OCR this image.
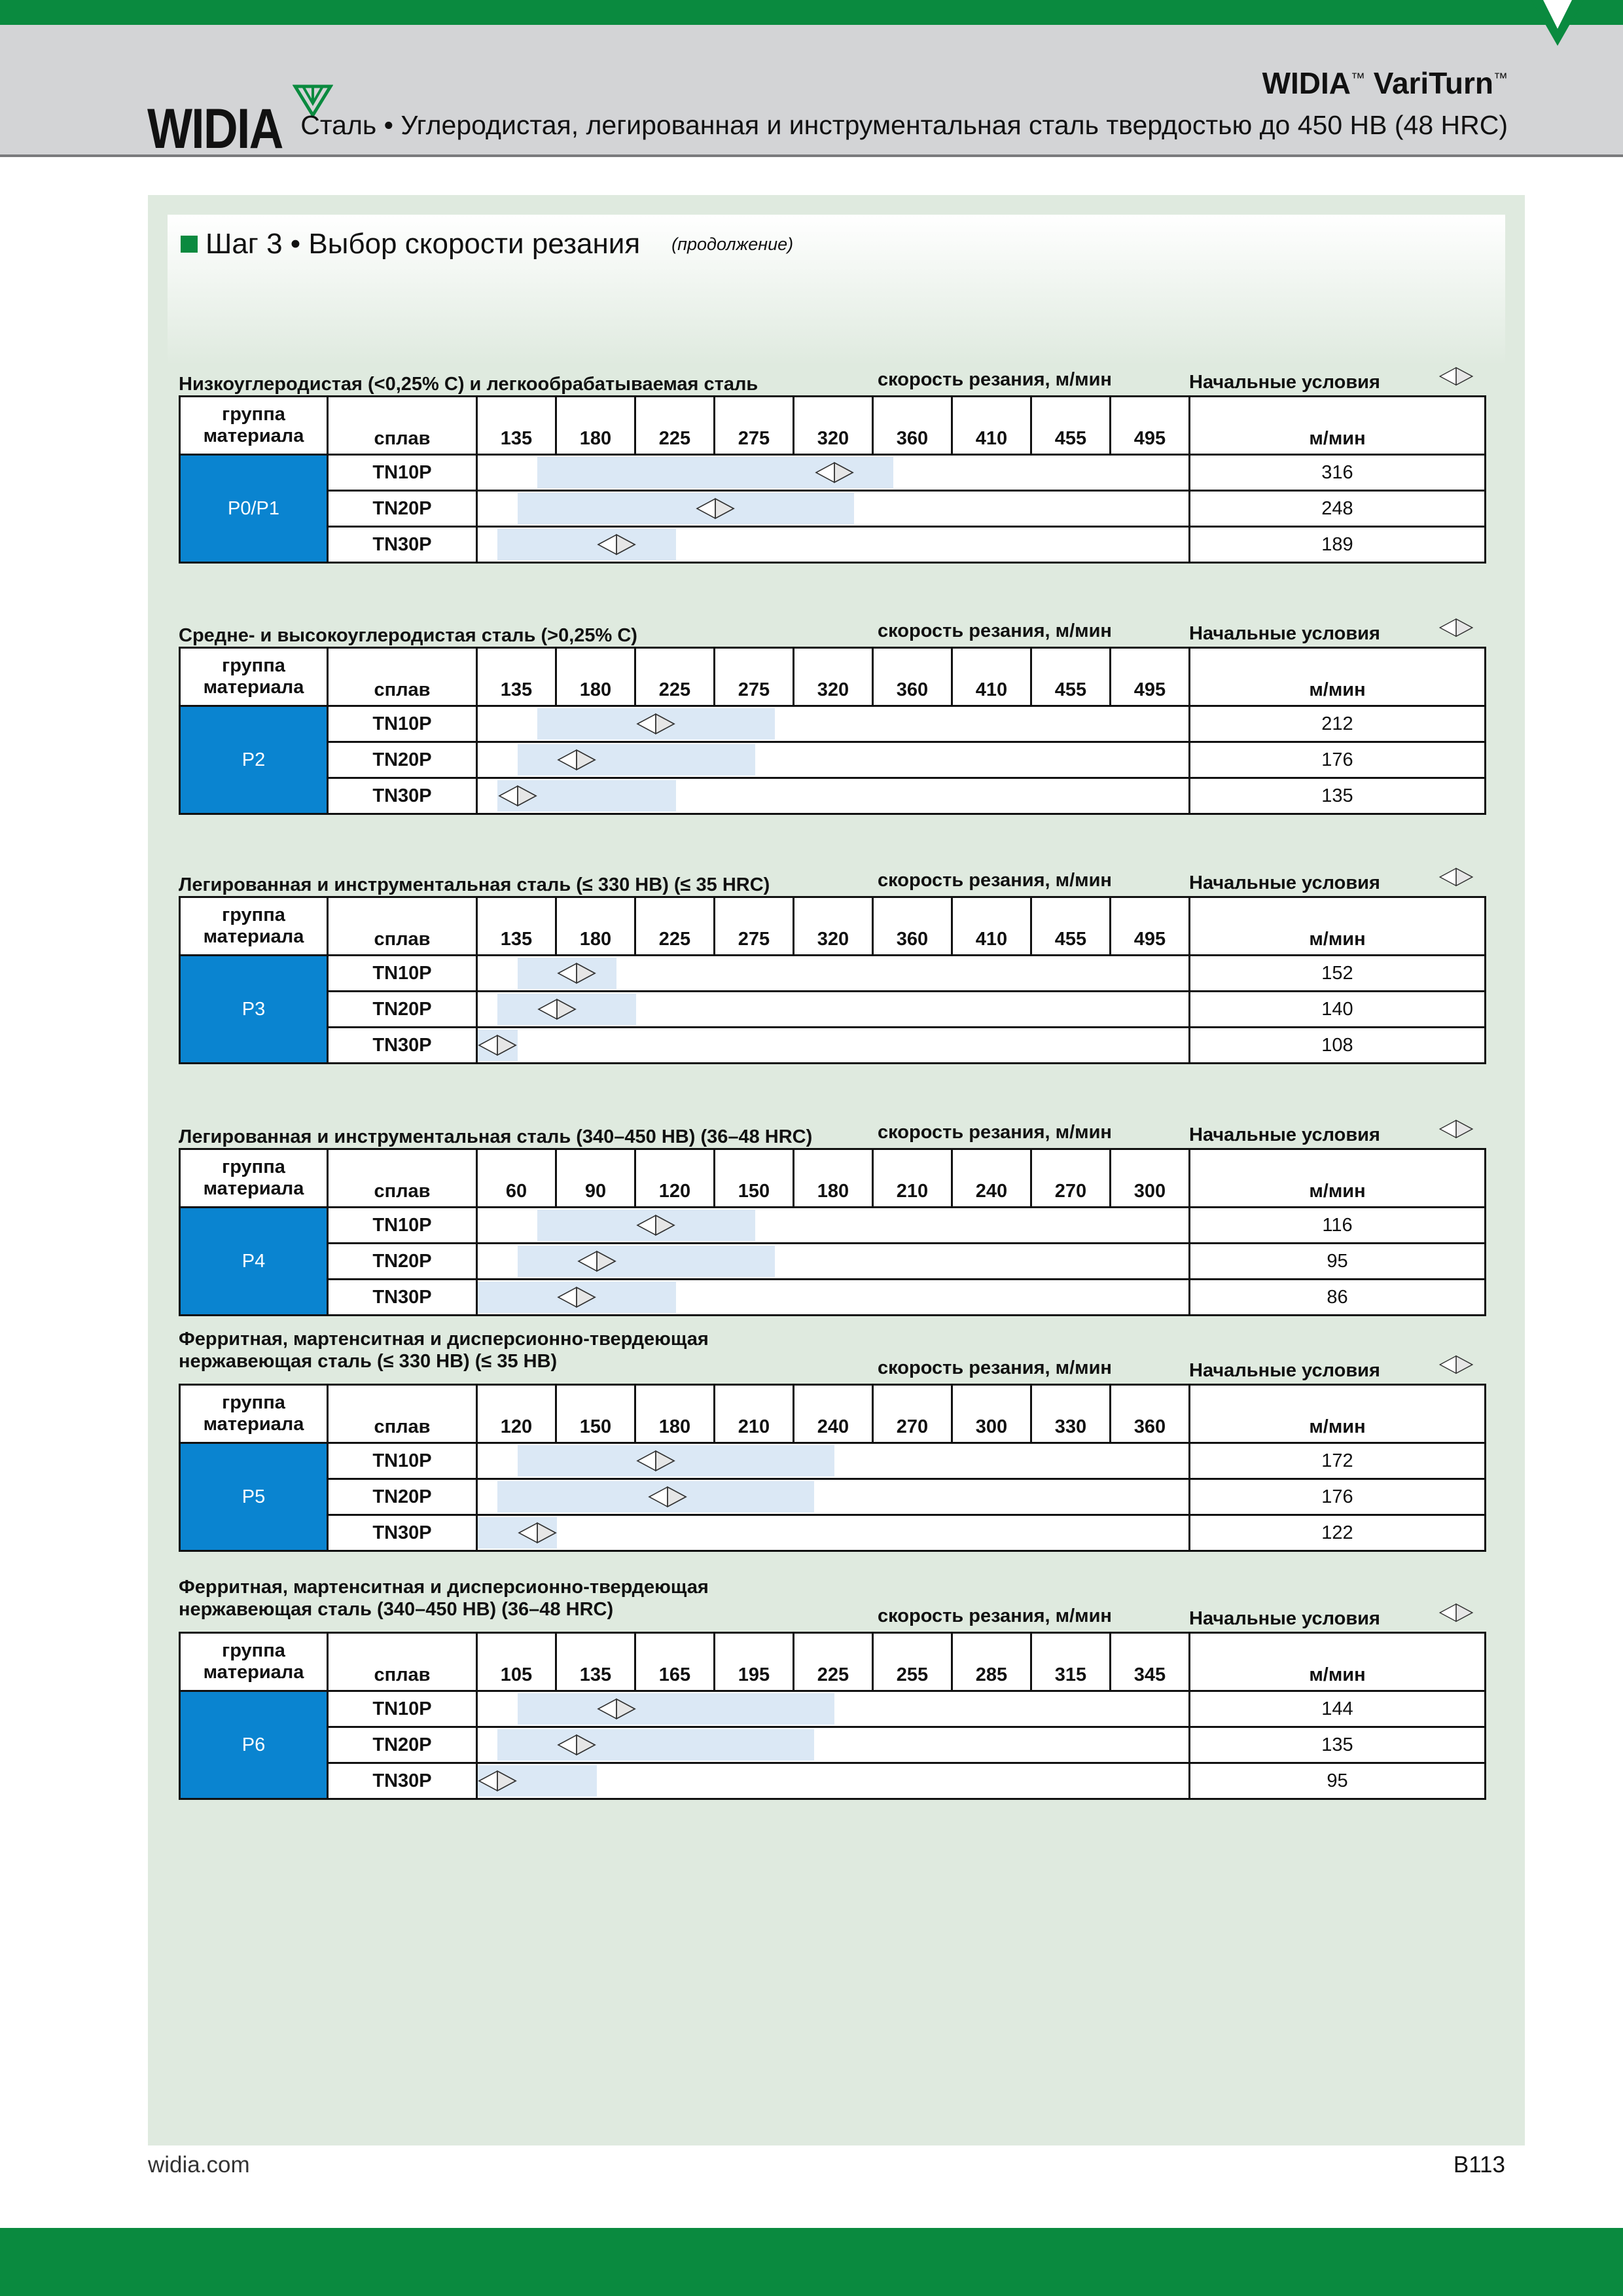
WIDIA
WIDIA™ VariTurn™
Сталь • Углеродистая, легированная и инструментальная сталь твердостью до 450 HB (48 HRC)
Шаг 3 • Выбор скорости резания (продолжение)
Низкоуглеродистая (<0,25% С) и легкообрабатываемая сталь	скорость резания, м/мин	Начальные условия
группа
материала	сплав	135	180	225	275	320	360	410	455	495	м/мин
P0/P1	TN10P										316
	TN20P										248
	TN30P										189
Средне- и высокоуглеродистая сталь (>0,25% С)	скорость резания, м/мин	Начальные условия
группа
материала	сплав	135	180	225	275	320	360	410	455	495	м/мин
P2	TN10P										212
	TN20P										176
	TN30P										135
Легированная и инструментальная сталь (≤ 330 HB) (≤ 35 HRC)	скорость резания, м/мин	Начальные условия
группа
материала	сплав	135	180	225	275	320	360	410	455	495	м/мин
P3	TN10P										152
	TN20P										140
	TN30P										108
Легированная и инструментальная сталь (340–450 HB) (36–48 HRC)	скорость резания, м/мин	Начальные условия
группа
материала	сплав	60	90	120	150	180	210	240	270	300	м/мин
P4	TN10P										116
	TN20P										95
	TN30P										86
Ферритная, мартенситная и дисперсионно-твердеющая
нержавеющая сталь (≤ 330 HB) (≤ 35 HB)	скорость резания, м/мин	Начальные условия
группа
материала	сплав	120	150	180	210	240	270	300	330	360	м/мин
P5	TN10P										172
	TN20P										176
	TN30P										122
Ферритная, мартенситная и дисперсионно-твердеющая
нержавеющая сталь (340–450 HB) (36–48 HRC)	скорость резания, м/мин	Начальные условия
группа
материала	сплав	105	135	165	195	225	255	285	315	345	м/мин
P6	TN10P										144
	TN20P										135
	TN30P										95
widia.com	B113
